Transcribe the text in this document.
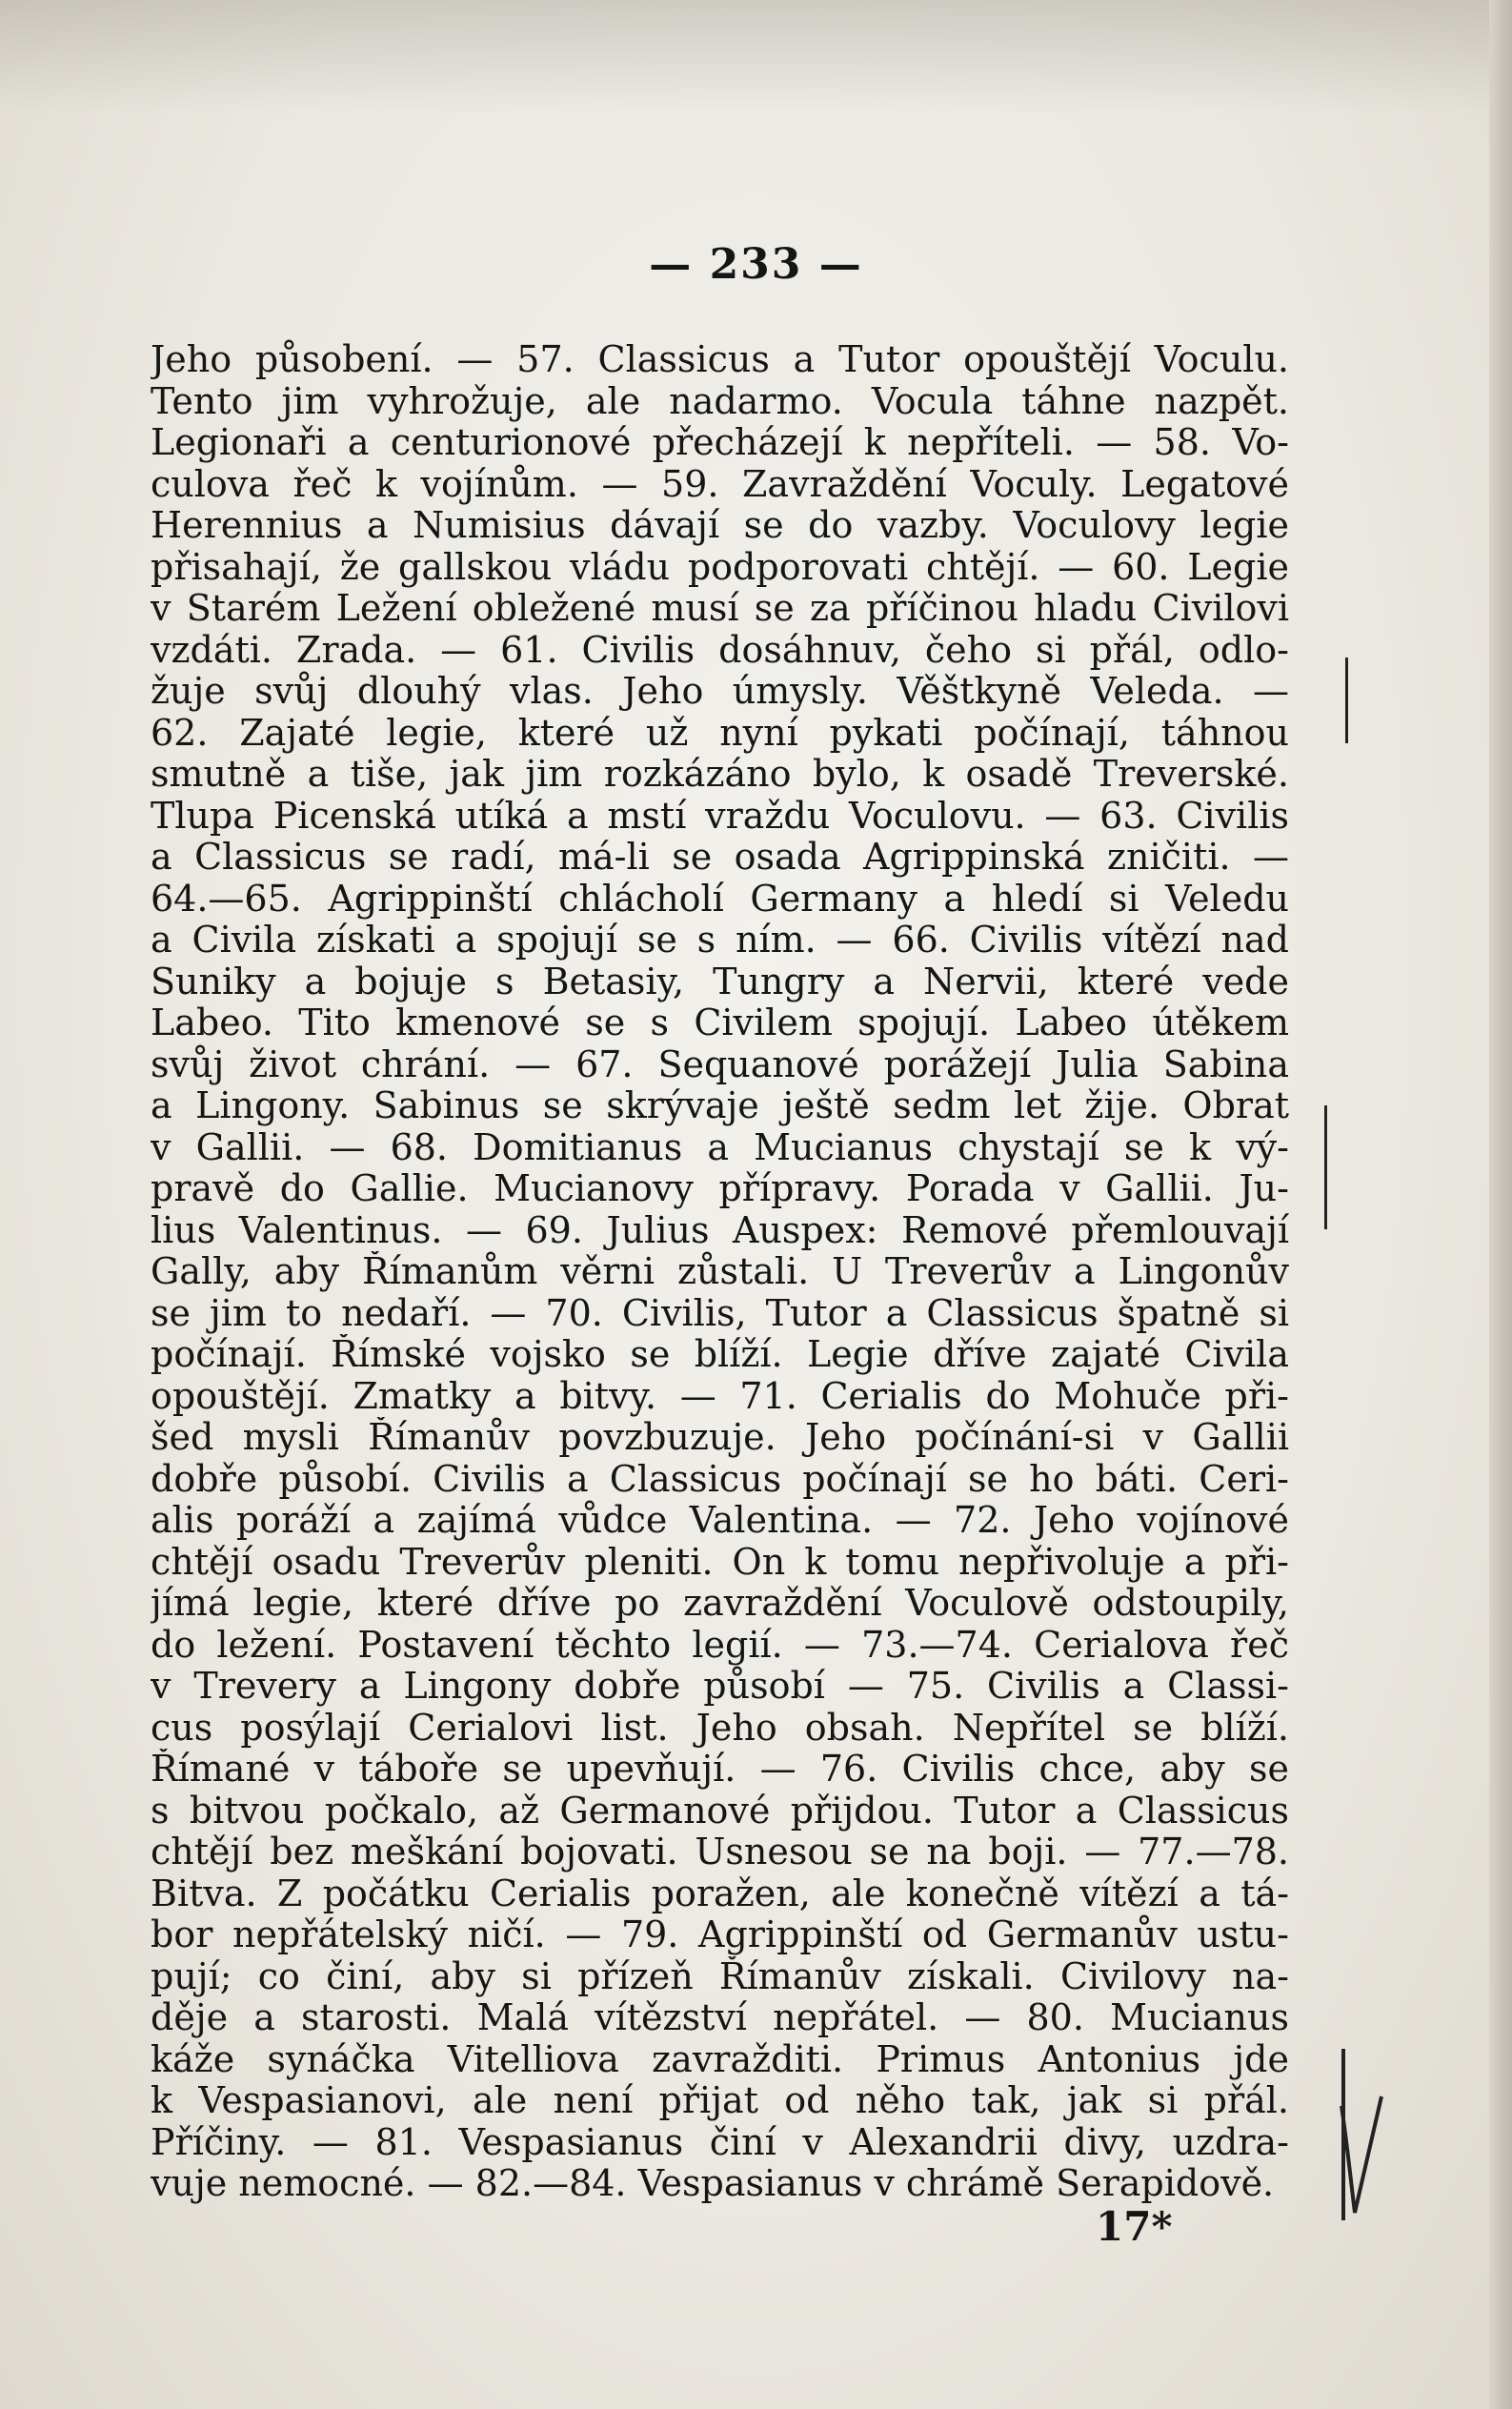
— 233 —
Jeho působení. — 57. Classicus a Tutor opouštějí Voculu.
Tento jim vyhrožuje, ale nadarmo. Vocula táhne nazpět.
Legionaři a centurionové přecházejí k nepříteli. — 58. Vo-
culova řeč k vojínům. — 59. Zavraždění Voculy. Legatové
Herennius a Numisius dávají se do vazby. Voculovy legie
přisahají, že gallskou vládu podporovati chtějí. — 60. Legie
v Starém Ležení obležené musí se za příčinou hladu Civilovi
vzdáti. Zrada. — 61. Civilis dosáhnuv, čeho si přál, odlo-
žuje svůj dlouhý vlas. Jeho úmysly. Věštkyně Veleda. —
62. Zajaté legie, které už nyní pykati počínají, táhnou
smutně a tiše, jak jim rozkázáno bylo, k osadě Treverské.
Tlupa Picenská utíká a mstí vraždu Voculovu. — 63. Civilis
a Classicus se radí, má-li se osada Agrippinská zničiti. —
64.—65. Agrippinští chlácholí Germany a hledí si Veledu
a Civila získati a spojují se s ním. — 66. Civilis vítězí nad
Suniky a bojuje s Betasiy, Tungry a Nervii, které vede
Labeo. Tito kmenové se s Civilem spojují. Labeo útěkem
svůj život chrání. — 67. Sequanové porážejí Julia Sabina
a Lingony. Sabinus se skrývaje ještě sedm let žije. Obrat
v Gallii. — 68. Domitianus a Mucianus chystají se k vý-
pravě do Gallie. Mucianovy přípravy. Porada v Gallii. Ju-
lius Valentinus. — 69. Julius Auspex: Remové přemlouvají
Gally, aby Římanům věrni zůstali. U Treverův a Lingonův
se jim to nedaří. — 70. Civilis, Tutor a Classicus špatně si
počínají. Římské vojsko se blíží. Legie dříve zajaté Civila
opouštějí. Zmatky a bitvy. — 71. Cerialis do Mohuče při-
šed mysli Římanův povzbuzuje. Jeho počínání-si v Gallii
dobře působí. Civilis a Classicus počínají se ho báti. Ceri-
alis poráží a zajímá vůdce Valentina. — 72. Jeho vojínové
chtějí osadu Treverův pleniti. On k tomu nepřivoluje a při-
jímá legie, které dříve po zavraždění Voculově odstoupily,
do ležení. Postavení těchto legií. — 73.—74. Cerialova řeč
v Trevery a Lingony dobře působí — 75. Civilis a Classi-
cus posýlají Cerialovi list. Jeho obsah. Nepřítel se blíží.
Římané v táboře se upevňují. — 76. Civilis chce, aby se
s bitvou počkalo, až Germanové přijdou. Tutor a Classicus
chtějí bez meškání bojovati. Usnesou se na boji. — 77.—78.
Bitva. Z počátku Cerialis poražen, ale konečně vítězí a tá-
bor nepřátelský ničí. — 79. Agrippinští od Germanův ustu-
pují; co činí, aby si přízeň Římanův získali. Civilovy na-
děje a starosti. Malá vítězství nepřátel. — 80. Mucianus
káže synáčka Vitelliova zavražditi. Primus Antonius jde
k Vespasianovi, ale není přijat od něho tak, jak si přál.
Příčiny. — 81. Vespasianus činí v Alexandrii divy, uzdra-
vuje nemocné. — 82.—84. Vespasianus v chrámě Serapidově.
17*
